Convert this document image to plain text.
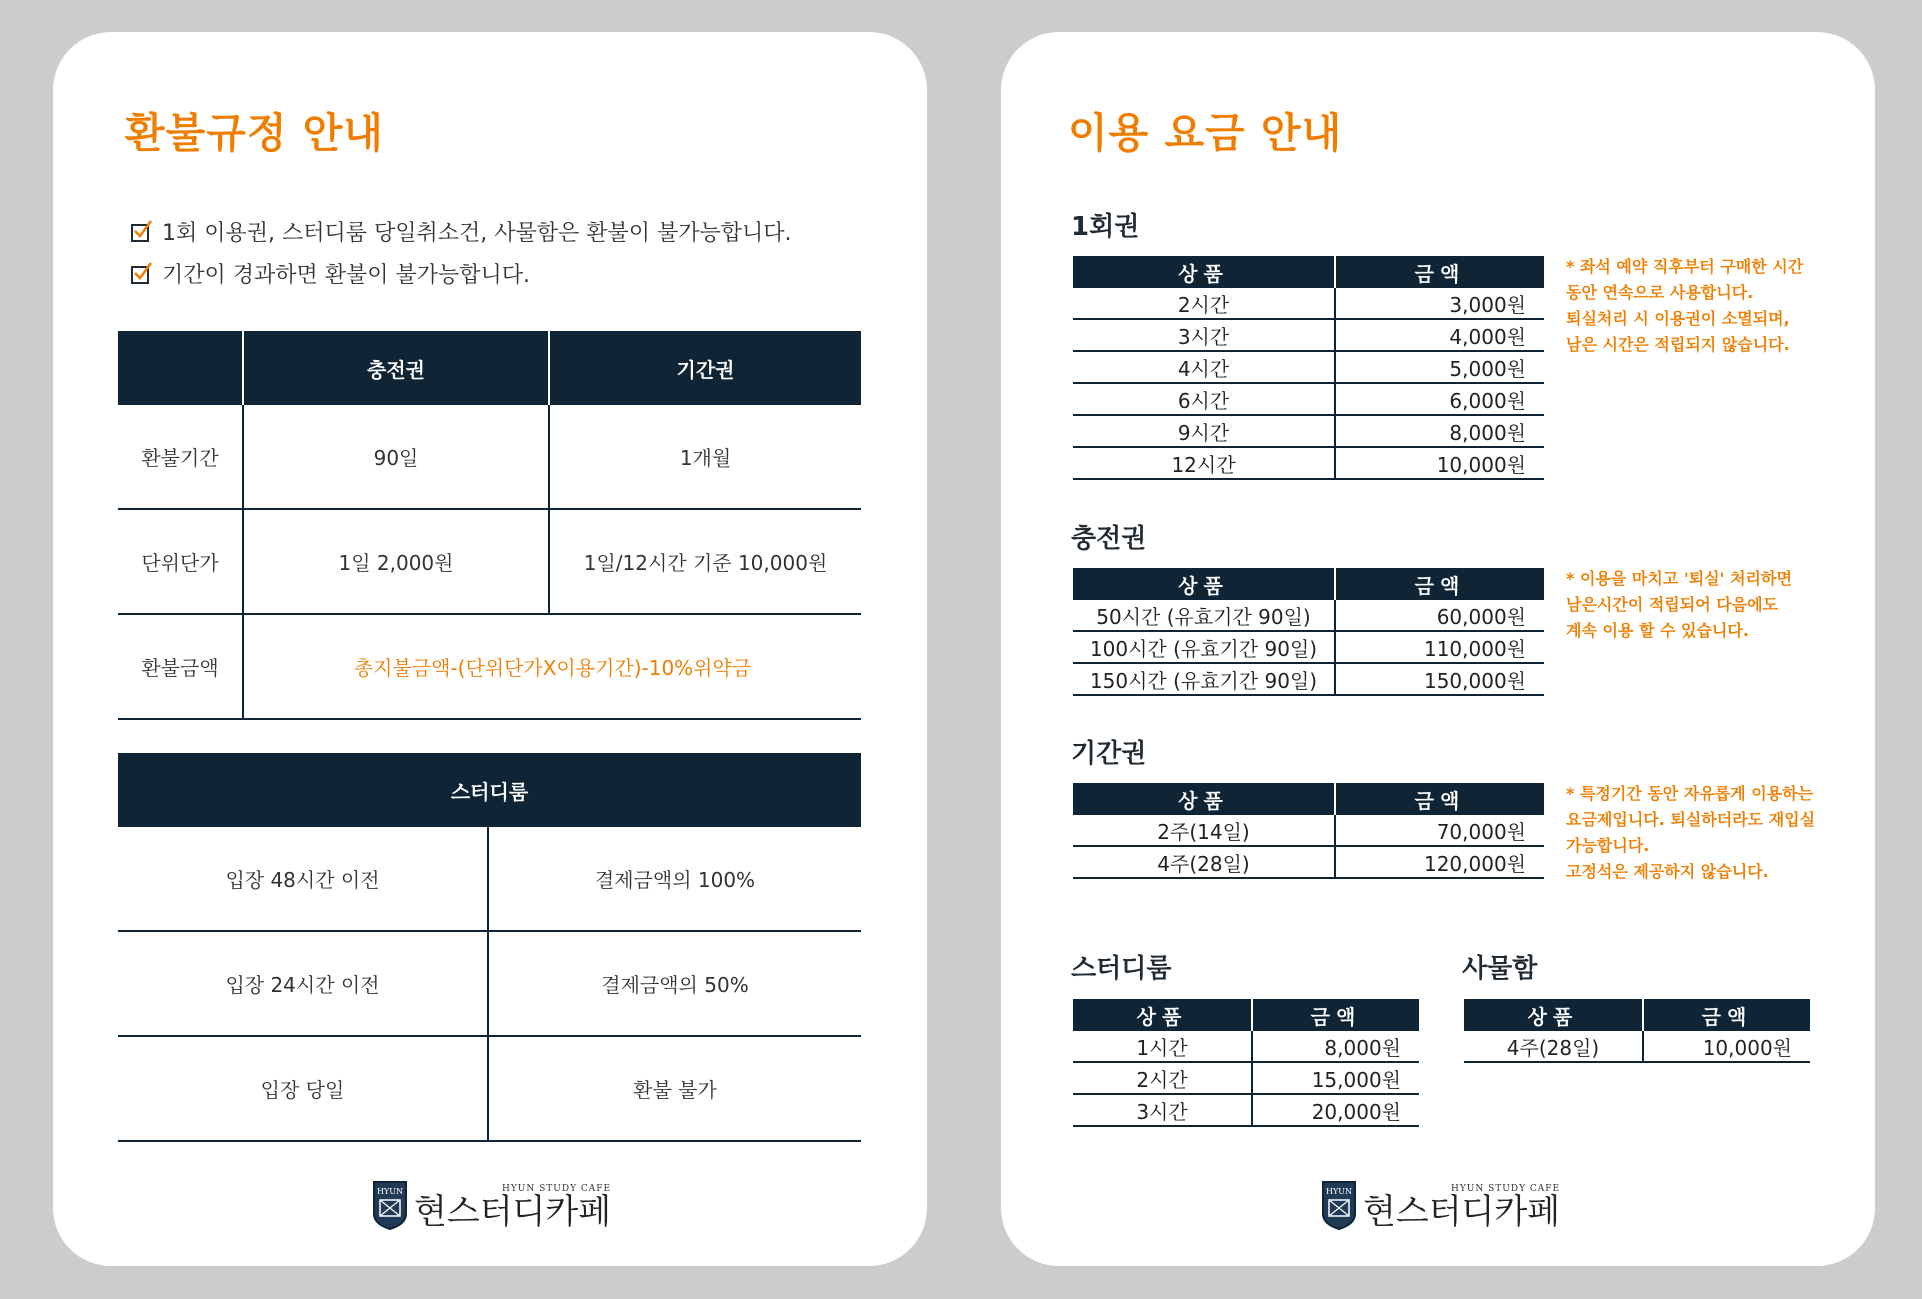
환불규정 안내
1회 이용권, 스터디룸 당일취소건, 사물함은 환불이 불가능합니다.
기간이 경과하면 환불이 불가능합니다.
	충전권	기간권
환불기간	90일	1개월
단위단가	1일 2,000원	1일/12시간 기준 10,000원
환불금액	총지불금액-(단위단가X이용기간)-10%위약금	
스터디룸	
입장 48시간 이전	결제금액의 100%
입장 24시간 이전	결제금액의 50%
입장 당일	환불 불가
HYUN	HYUN STUDY CAFE
현스터디카페
이용 요금 안내
1회권
상품	금액
2시간	3,000원
3시간	4,000원
4시간	5,000원
6시간	6,000원
9시간	8,000원
12시간	10,000원

* 좌석 예약 직후부터 구매한 시간
동안 연속으로 사용합니다.
퇴실처리 시 이용권이 소멸되며,
남은 시간은 적립되지 않습니다.

충전권
상품	금액
50시간 (유효기간 90일)	60,000원
100시간 (유효기간 90일)	110,000원
150시간 (유효기간 90일)	150,000원

* 이용을 마치고 '퇴실' 처리하면
남은시간이 적립되어 다음에도
계속 이용 할 수 있습니다.

기간권
상품	금액
2주(14일)	70,000원
4주(28일)	120,000원

* 특정기간 동안 자유롭게 이용하는
요금제입니다. 퇴실하더라도 재입실
가능합니다.
고정석은 제공하지 않습니다.

스터디룸
상품	금액
1시간	8,000원
2시간	15,000원
3시간	20,000원
사물함
상품	금액
4주(28일)	10,000원
HYUN	HYUN STUDY CAFE
현스터디카페
